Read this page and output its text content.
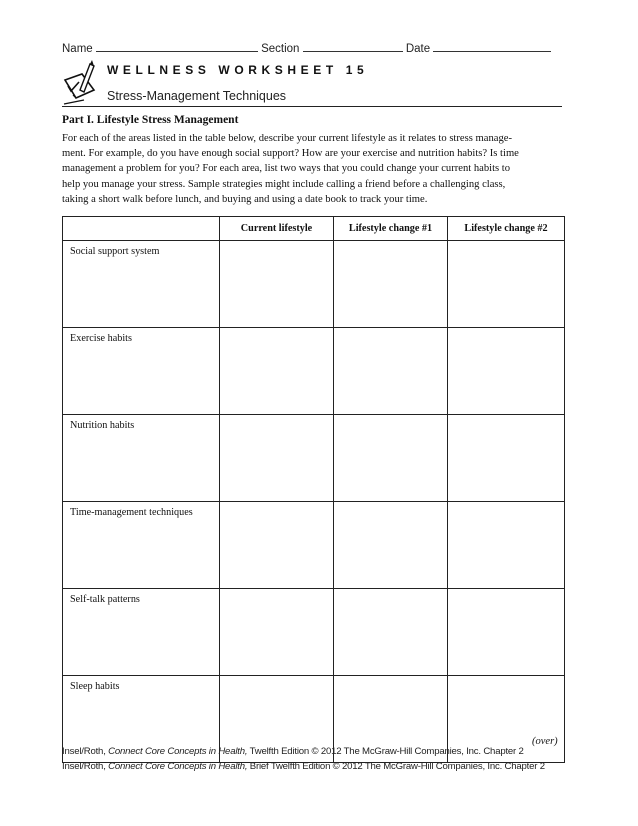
Name	Section	Date
WELLNESS WORKSHEET 15
Stress-Management Techniques
Part I. Lifestyle Stress Management
For each of the areas listed in the table below, describe your current lifestyle as it relates to stress manage-
ment. For example, do you have enough social support? How are your exercise and nutrition habits? Is time
management a problem for you? For each area, list two ways that you could change your current habits to
help you manage your stress. Sample strategies might include calling a friend before a challenging class,
taking a short walk before lunch, and buying and using a date book to track your time.
	Current lifestyle	Lifestyle change #1	Lifestyle change #2
Social support system			
Exercise habits			
Nutrition habits			
Time-management techniques			
Self-talk patterns			
Sleep habits			
(over)
Insel/Roth, Connect Core Concepts in Health, Twelfth Edition © 2012 The McGraw-Hill Companies, Inc. Chapter 2
Insel/Roth, Connect Core Concepts in Health, Brief Twelfth Edition © 2012 The McGraw-Hill Companies, Inc. Chapter 2
